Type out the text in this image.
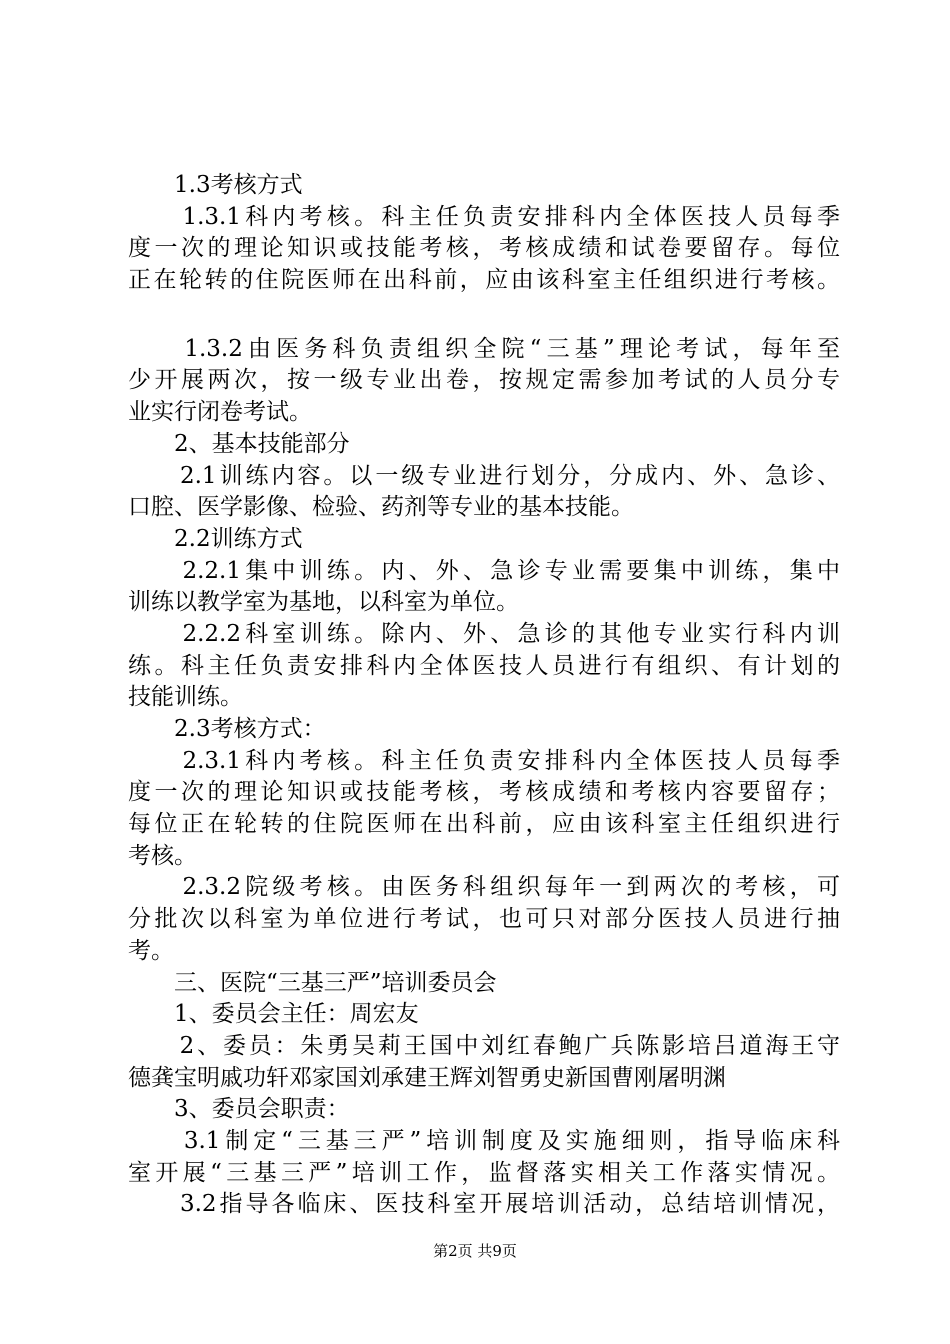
　　1.3考核方式
　　1.3.1科内考核。科主任负责安排科内全体医技人员每季
度一次的理论知识或技能考核，考核成绩和试卷要留存。每位
正在轮转的住院医师在出科前，应由该科室主任组织进行考核。
　　1.3.2由医务科负责组织全院“三基”理论考试，每年至
少开展两次，按一级专业出卷，按规定需参加考试的人员分专
业实行闭卷考试。
　　2、基本技能部分
　　2.1训练内容。以一级专业进行划分，分成内、外、急诊、
口腔、医学影像、检验、药剂等专业的基本技能。
　　2.2训练方式
　　2.2.1集中训练。内、外、急诊专业需要集中训练，集中
训练以教学室为基地，以科室为单位。
　　2.2.2科室训练。除内、外、急诊的其他专业实行科内训
练。科主任负责安排科内全体医技人员进行有组织、有计划的
技能训练。
　　2.3考核方式：
　　2.3.1科内考核。科主任负责安排科内全体医技人员每季
度一次的理论知识或技能考核，考核成绩和考核内容要留存；
每位正在轮转的住院医师在出科前，应由该科室主任组织进行
考核。
　　2.3.2院级考核。由医务科组织每年一到两次的考核，可
分批次以科室为单位进行考试，也可只对部分医技人员进行抽
考。
　　三、医院“三基三严”培训委员会
　　1、委员会主任：周宏友
　　2、委员：朱勇吴莉王国中刘红春鲍广兵陈影培吕道海王守
德龚宝明戚功轩邓家国刘承建王辉刘智勇史新国曹刚屠明渊
　　3、委员会职责：
　　3.1制定“三基三严”培训制度及实施细则，指导临床科
室开展“三基三严”培训工作，监督落实相关工作落实情况。
　　3.2指导各临床、医技科室开展培训活动，总结培训情况，
第2页 共9页
